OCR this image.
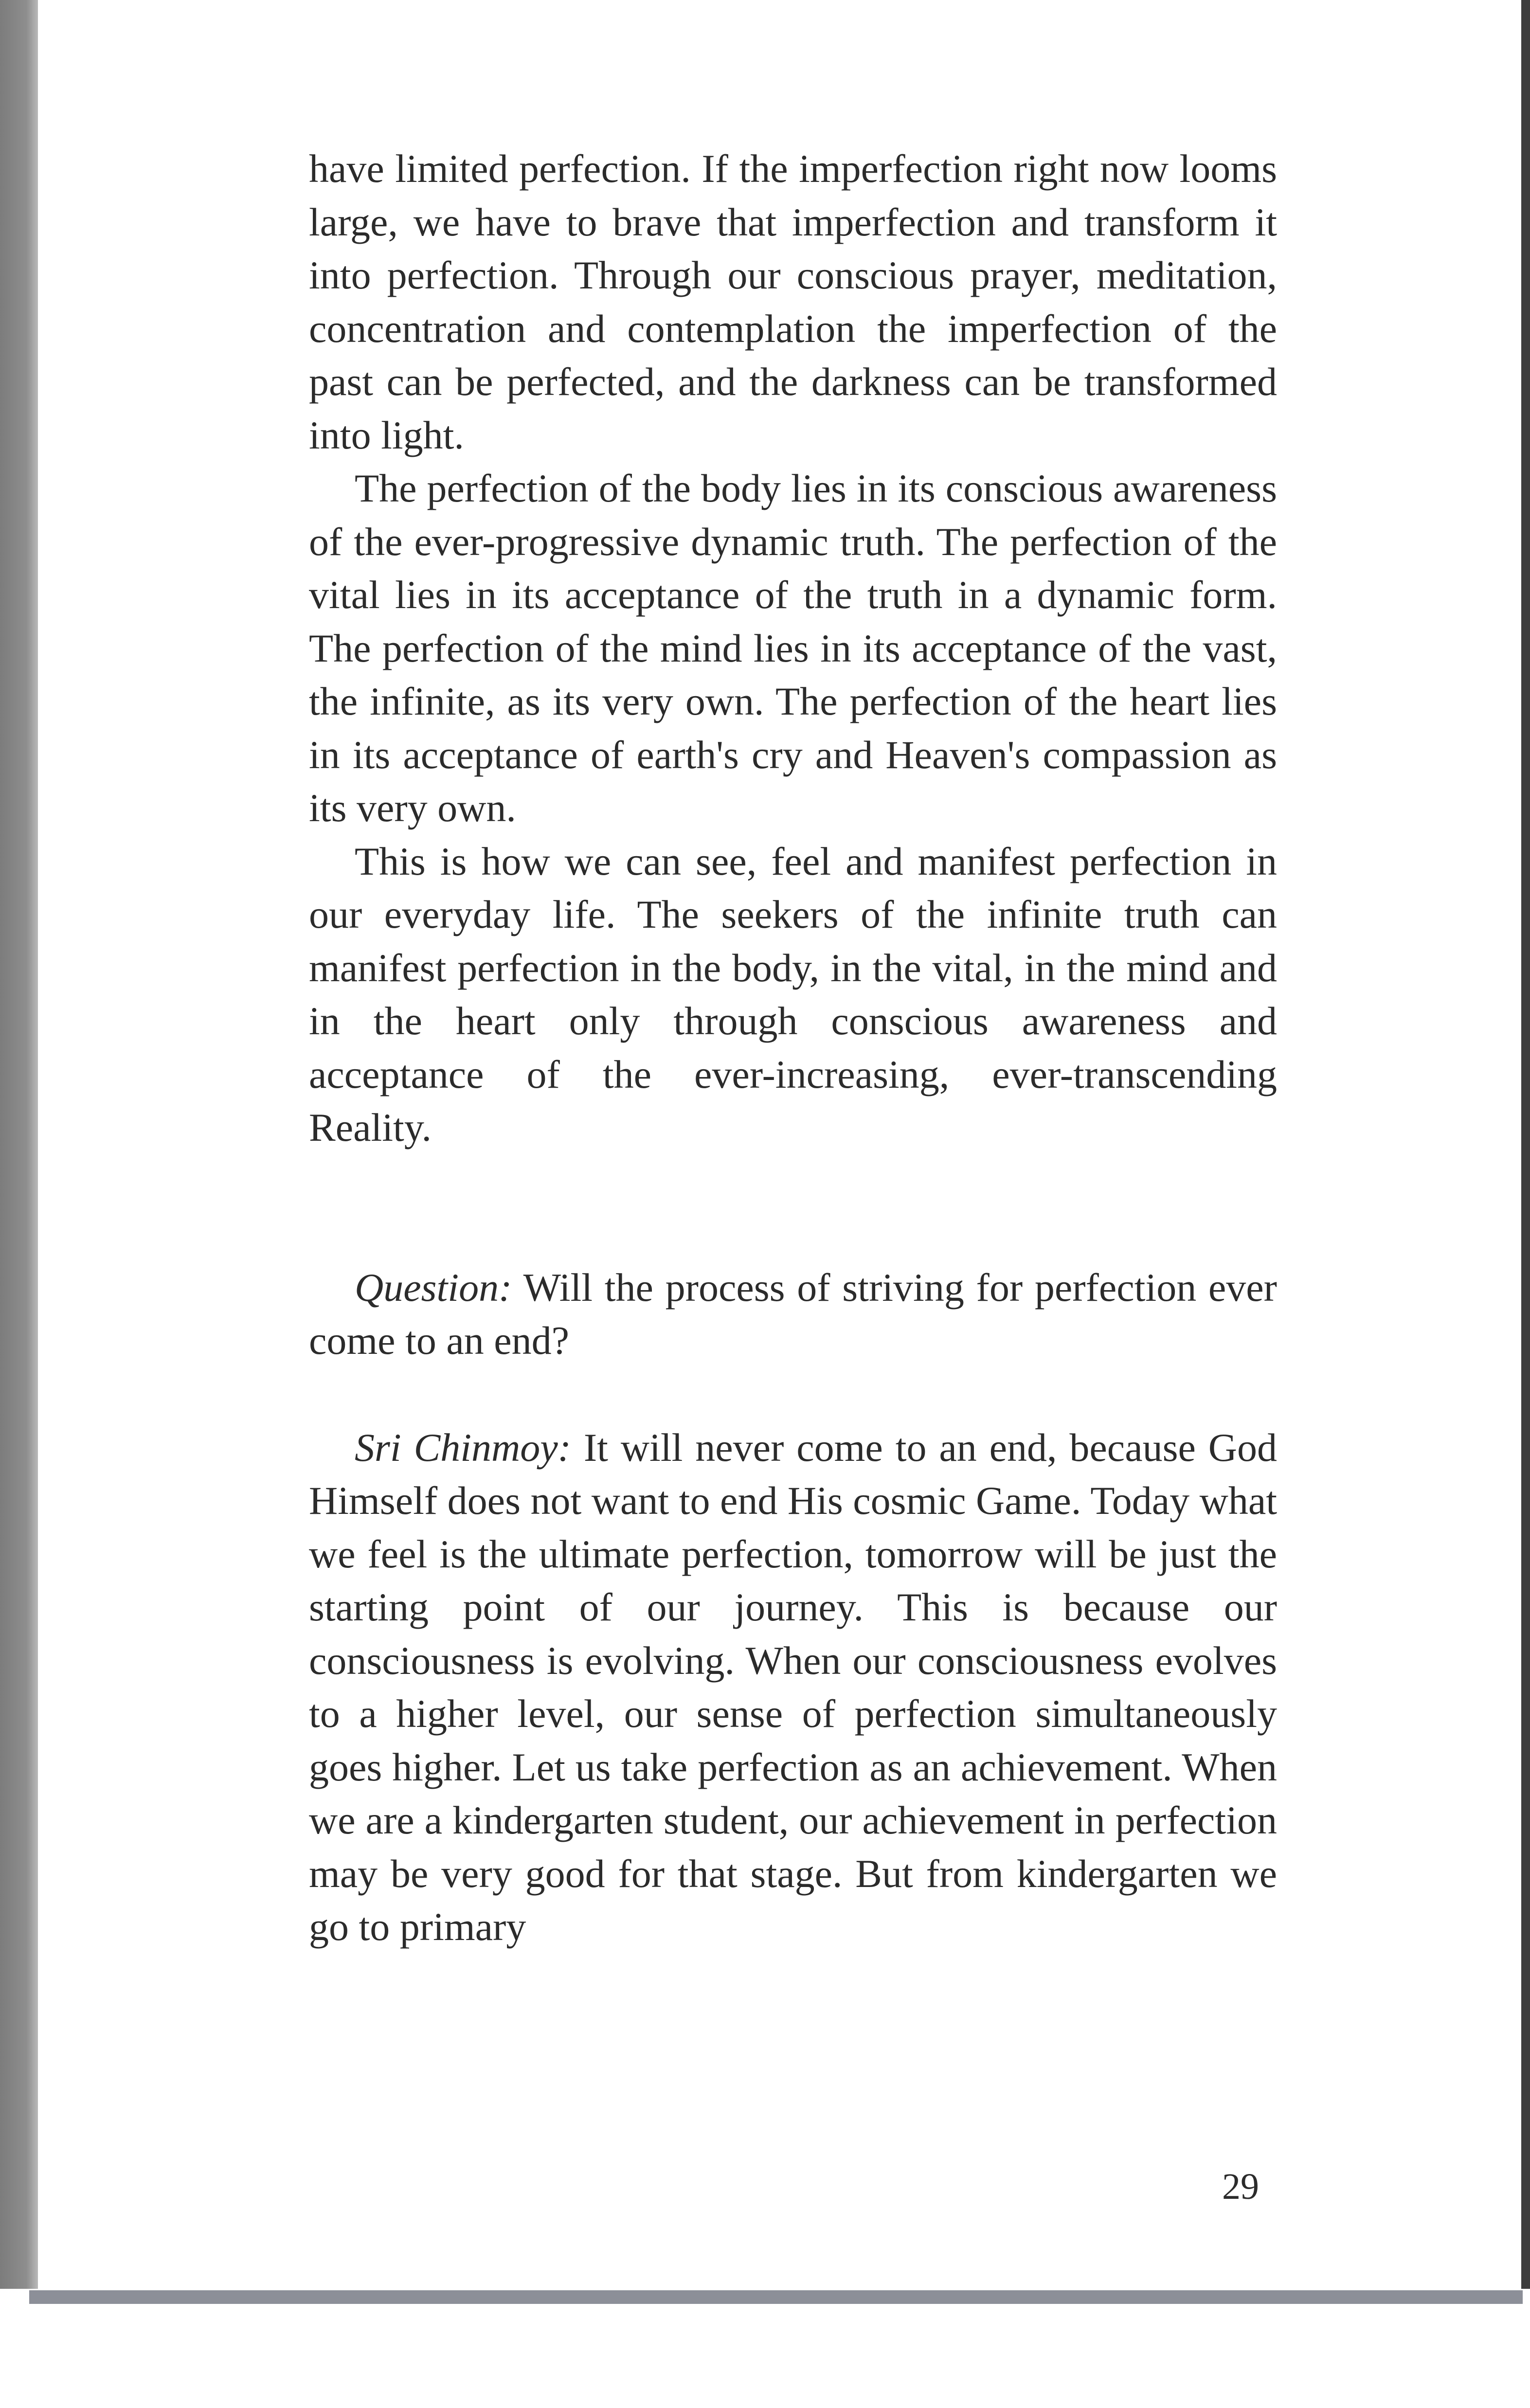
have limited perfection. If the imperfection right now looms large, we have to brave that imperfection and transform it into perfection. Through our conscious prayer, meditation, concentration and contemplation the imperfection of the past can be perfected, and the darkness can be transformed into light.

The perfection of the body lies in its conscious awareness of the ever-progressive dynamic truth. The perfection of the vital lies in its acceptance of the truth in a dynamic form. The perfection of the mind lies in its acceptance of the vast, the infinite, as its very own. The perfection of the heart lies in its acceptance of earth's cry and Heaven's compassion as its very own.

This is how we can see, feel and manifest perfection in our everyday life. The seekers of the infinite truth can manifest perfection in the body, in the vital, in the mind and in the heart only through conscious awareness and acceptance of the ever-increasing, ever-transcending Reality.

Question: Will the process of striving for perfection ever come to an end?

Sri Chinmoy: It will never come to an end, because God Himself does not want to end His cosmic Game. Today what we feel is the ultimate perfection, tomorrow will be just the starting point of our journey. This is because our consciousness is evolving. When our consciousness evolves to a higher level, our sense of perfection simultaneously goes higher. Let us take perfection as an achievement. When we are a kindergarten student, our achievement in perfection may be very good for that stage. But from kindergarten we go to primary

29
